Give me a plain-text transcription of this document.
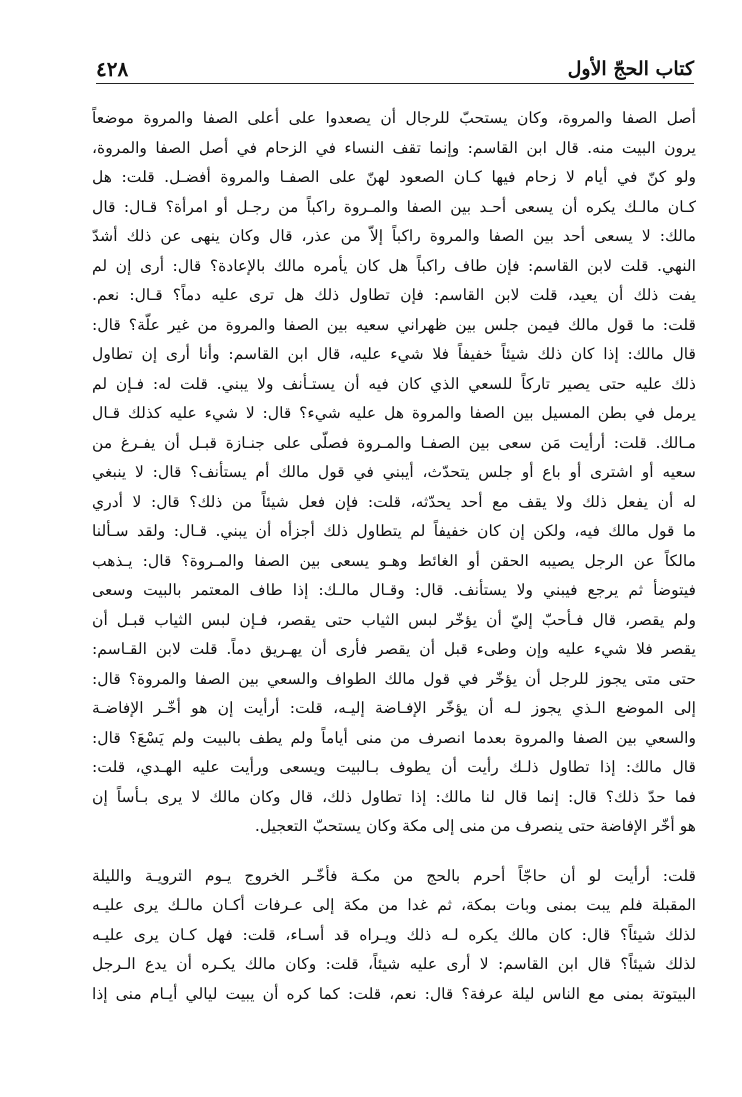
كتاب الحجّ الأول
٤٢٨
أصل الصفا والمروة، وكان يستحبّ للرجال أن يصعدوا على أعلى الصفا والمروة موضعاً
يرون البيت منه. قال ابن القاسم: وإنما تقف النساء في الزحام في أصل الصفا والمروة،
ولو كنّ في أيام لا زحام فيها كـان الصعود لهنّ على الصفـا والمروة أفضـل. قلت: هل
كـان مالـك يكره أن يسعى أحـد بين الصفا والمـروة راكباً من رجـل أو امرأة؟ قـال: قال
مالك: لا يسعى أحد بين الصفا والمروة راكباً إلاّ من عذر، قال وكان ينهى عن ذلك أشدّ
النهي. قلت لابن القاسم: فإن طاف راكباً هل كان يأمره مالك بالإعادة؟ قال: أرى إن لم
يفت ذلك أن يعيد، قلت لابن القاسم: فإن تطاول ذلك هل ترى عليه دماً؟ قـال: نعم.
قلت: ما قول مالك فيمن جلس بين ظهراني سعيه بين الصفا والمروة من غير علّة؟ قال:
قال مالك: إذا كان ذلك شيئاً خفيفاً فلا شيء عليه، قال ابن القاسم: وأنا أرى إن تطاول
ذلك عليه حتى يصير تاركاً للسعي الذي كان فيه أن يستـأنف ولا يبني. قلت له: فـإن لم
يرمل في بطن المسيل بين الصفا والمروة هل عليه شيء؟ قال: لا شيء عليه كذلك قـال
مـالك. قلت: أرأيت مَن سعى بين الصفـا والمـروة فصلّى على جنـازة قبـل أن يفـرغ من
سعيه أو اشترى أو باع أو جلس يتحدّث، أيبني في قول مالك أم يستأنف؟ قال: لا ينبغي
له أن يفعل ذلك ولا يقف مع أحد يحدّثه، قلت: فإن فعل شيئاً من ذلك؟ قال: لا أدري
ما قول مالك فيه، ولكن إن كان خفيفاً لم يتطاول ذلك أجزأه أن يبني. قـال: ولقد سـألنا
مالكاً عن الرجل يصيبه الحقن أو الغائط وهـو يسعى بين الصفا والمـروة؟ قال: يـذهب
فيتوضأ ثم يرجع فيبني ولا يستأنف. قال: وقـال مالـك: إذا طاف المعتمر بالبيت وسعى
ولم يقصر، قال فـأحبّ إليّ أن يؤخّر لبس الثياب حتى يقصر، فـإن لبس الثياب قبـل أن
يقصر فلا شيء عليه وإن وطىء قبل أن يقصر فأرى أن يهـريق دماً. قلت لابن القـاسم:
حتى متى يجوز للرجل أن يؤخّر في قول مالك الطواف والسعي بين الصفا والمروة؟ قال:
إلى الموضع الـذي يجوز لـه أن يؤخّر الإفـاضة إليـه، قلت: أرأيت إن هو أخّـر الإفاضـة
والسعي بين الصفا والمروة بعدما انصرف من منى أياماً ولم يطف بالبيت ولم يَسْعَ؟ قال:
قال مالك: إذا تطاول ذلـك رأيت أن يطوف بـالبيت ويسعى ورأيت عليه الهـدي، قلت:
فما حدّ ذلك؟ قال: إنما قال لنا مالك: إذا تطاول ذلك، قال وكان مالك لا يرى بـأساً إن
هو أخّر الإفاضة حتى ينصرف من منى إلى مكة وكان يستحبّ التعجيل.
قلت: أرأيت لو أن حاجّاً أحرم بالحج من مكـة فأخّـر الخروج يـوم الترويـة والليلة
المقبلة فلم يبت بمنى وبات بمكة، ثم غدا من مكة إلى عـرفات أكـان مالـك يرى عليـه
لذلك شيئاً؟ قال: كان مالك يكره لـه ذلك ويـراه قد أسـاء، قلت: فهل كـان يرى عليـه
لذلك شيئاً؟ قال ابن القاسم: لا أرى عليه شيئاً، قلت: وكان مالك يكـره أن يدع الـرجل
البيتوتة بمنى مع الناس ليلة عرفة؟ قال: نعم، قلت: كما كره أن يبيت ليالي أيـام منى إذا
